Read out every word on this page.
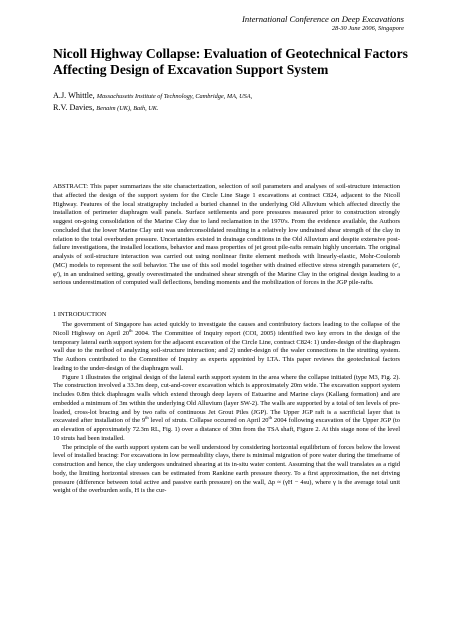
International Conference on Deep Excavations
28-30 June 2006, Singapore
Nicoll Highway Collapse: Evaluation of Geotechnical Factors Affecting Design of Excavation Support System
A.J. Whittle, Massachusetts Institute of Technology, Cambridge, MA, USA,
R.V. Davies, Benaim (UK), Bath, UK.
ABSTRACT: This paper summarizes the site characterization, selection of soil parameters and analyses of soil-structure interaction that affected the design of the support system for the Circle Line Stage 1 excavations at contract C824, adjacent to the Nicoll Highway. Features of the local stratigraphy included a buried channel in the underlying Old Alluvium which affected directly the installation of perimeter diaphragm wall panels. Surface settlements and pore pressures measured prior to construction strongly suggest on-going consolidation of the Marine Clay due to land reclamation in the 1970's. From the evidence available, the Authors concluded that the lower Marine Clay unit was underconsolidated resulting in a relatively low undrained shear strength of the clay in relation to the total overburden pressure. Uncertainties existed in drainage conditions in the Old Alluvium and despite extensive post-failure investigations, the installed locations, behavior and mass properties of jet grout pile-rafts remain highly uncertain. The original analysis of soil-structure interaction was carried out using nonlinear finite element methods with linearly-elastic, Mohr-Coulomb (MC) models to represent the soil behavior. The use of this soil model together with drained effective stress strength parameters (c', φ'), in an undrained setting, greatly overestimated the undrained shear strength of the Marine Clay in the original design leading to a serious underestimation of computed wall deflections, bending moments and the mobilization of forces in the JGP pile-rafts.
1 INTRODUCTION

The government of Singapore has acted quickly to investigate the causes and contributory factors leading to the collapse of the Nicoll Highway on April 20th 2004. The Committee of Inquiry report (COI, 2005) identified two key errors in the design of the temporary lateral earth support system for the adjacent excavation of the Circle Line, contract C824: 1) under-design of the diaphragm wall due to the method of analyzing soil-structure interaction; and 2) under-design of the waler connections in the strutting system. The Authors contributed to the Committee of Inquiry as experts appointed by LTA. This paper reviews the geotechnical factors leading to the under-design of the diaphragm wall.

Figure 1 illustrates the original design of the lateral earth support system in the area where the collapse initiated (type M3, Fig. 2). The construction involved a 33.3m deep, cut-and-cover excavation which is approximately 20m wide. The excavation support system includes 0.8m thick diaphragm walls which extend through deep layers of Estuarine and Marine clays (Kallang formation) and are embedded a minimum of 3m within the underlying Old Alluvium (layer SW-2). The walls are supported by a total of ten levels of pre-loaded, cross-lot bracing and by two rafts of continuous Jet Grout Piles (JGP). The Upper JGP raft is a sacrificial layer that is excavated after installation of the 9th level of struts. Collapse occurred on April 20th 2004 following excavation of the Upper JGP (to an elevation of approximately 72.3m RL, Fig. 1) over a distance of 30m from the TSA shaft, Figure 2. At this stage none of the level 10 struts had been installed.

The principle of the earth support system can be well understood by considering horizontal equilibrium of forces below the lowest level of installed bracing: For excavations in low permeability clays, there is minimal migration of pore water during the timeframe of construction and hence, the clay undergoes undrained shearing at its in-situ water content. Assuming that the wall translates as a rigid body, the limiting horizontal stresses can be estimated from Rankine earth pressure theory. To a first approximation, the net driving pressure (difference between total active and passive earth pressure) on the wall, Δp ≈ (γH − 4su), where γ is the average total unit weight of the overburden soils, H is the cur-
